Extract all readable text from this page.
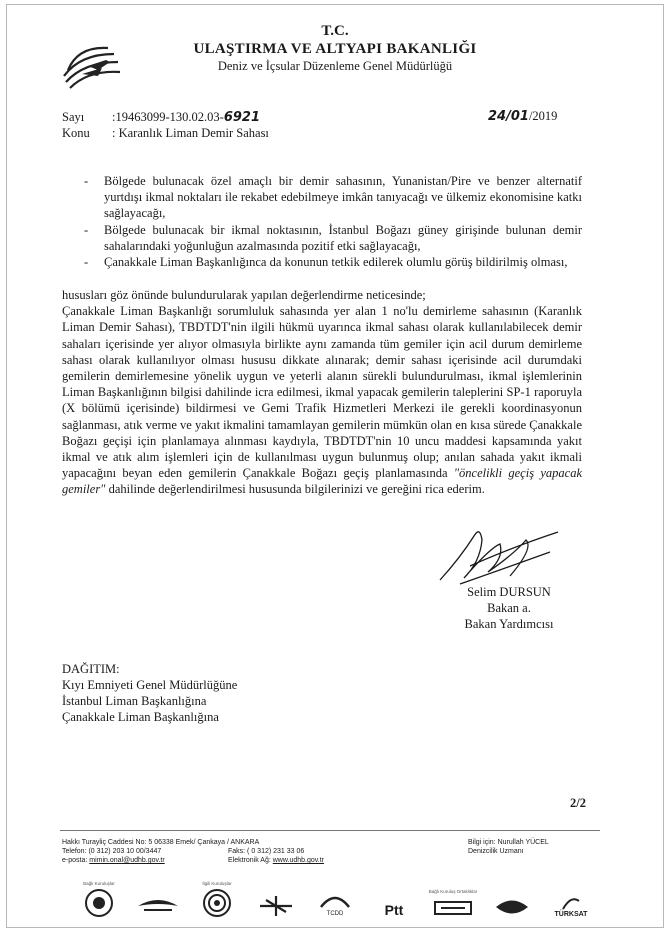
T.C.
ULAŞTIRMA VE ALTYAPI BAKANLIĞI
Deniz ve İçsular Düzenleme Genel Müdürlüğü
Sayı :19463099-130.02.03-6921
Konu : Karanlık Liman Demir Sahası
24/01/2019
-	Bölgede bulunacak özel amaçlı bir demir sahasının, Yunanistan/Pire ve benzer alternatif yurtdışı ikmal noktaları ile rekabet edebilmeye imkân tanıyacağı ve ülkemiz ekonomisine katkı sağlayacağı,
-	Bölgede bulunacak bir ikmal noktasının, İstanbul Boğazı güney girişinde bulunan demir sahalarındaki yoğunluğun azalmasında pozitif etki sağlayacağı,
-	Çanakkale Liman Başkanlığınca da konunun tetkik edilerek olumlu görüş bildirilmiş olması,

hususları göz önünde bulundurularak yapılan değerlendirme neticesinde;

Çanakkale Liman Başkanlığı sorumluluk sahasında yer alan 1 no'lu demirleme sahasının (Karanlık Liman Demir Sahası), TBDTDT'nin ilgili hükmü uyarınca ikmal sahası olarak kullanılabilecek demir sahaları içerisinde yer alıyor olmasıyla birlikte aynı zamanda tüm gemiler için acil durum demirleme sahası olarak kullanılıyor olması hususu dikkate alınarak; demir sahası içerisinde acil durumdaki gemilerin demirlemesine yönelik uygun ve yeterli alanın sürekli bulundurulması, ikmal işlemlerinin Liman Başkanlığının bilgisi dahilinde icra edilmesi, ikmal yapacak gemilerin taleplerini SP-1 raporuyla (X bölümü içerisinde) bildirmesi ve Gemi Trafik Hizmetleri Merkezi ile gerekli koordinasyonun sağlanması, atık verme ve yakıt ikmalini tamamlayan gemilerin mümkün olan en kısa sürede Çanakkale Boğazı geçişi için planlamaya alınması kaydıyla, TBDTDT'nin 10 uncu maddesi kapsamında yakıt ikmal ve atık alım işlemleri için de kullanılması uygun bulunmuş olup; anılan sahada yakıt ikmali yapacağını beyan eden gemilerin Çanakkale Boğazı geçiş planlamasında "öncelikli geçiş yapacak gemiler" dahilinde değerlendirilmesi hususunda bilgilerinizi ve gereğini rica ederim.

Selim DURSUN
Bakan a.
Bakan Yardımcısı
DAĞITIM:
Kıyı Emniyeti Genel Müdürlüğüne
İstanbul Liman Başkanlığına
Çanakkale Liman Başkanlığına
2/2
Hakkı Turayliç Caddesi No: 5 06338 Emek/ Çankaya / ANKARA
Telefon: (0 312) 203 10 00/3447
e-posta: mimin.onal@udhb.gov.tr
Faks: ( 0 312) 231 33 06
Elektronik Ağ: www.udhb.gov.tr
Bilgi için: Nurullah YÜCEL
Denizcilik Uzmanı
Bağlı Kuruluşlar	İlgili Kuruluşlar
TCDD	Ptt
Bağlı Kuruluş Ortaklıklar
TÜRKSAT
